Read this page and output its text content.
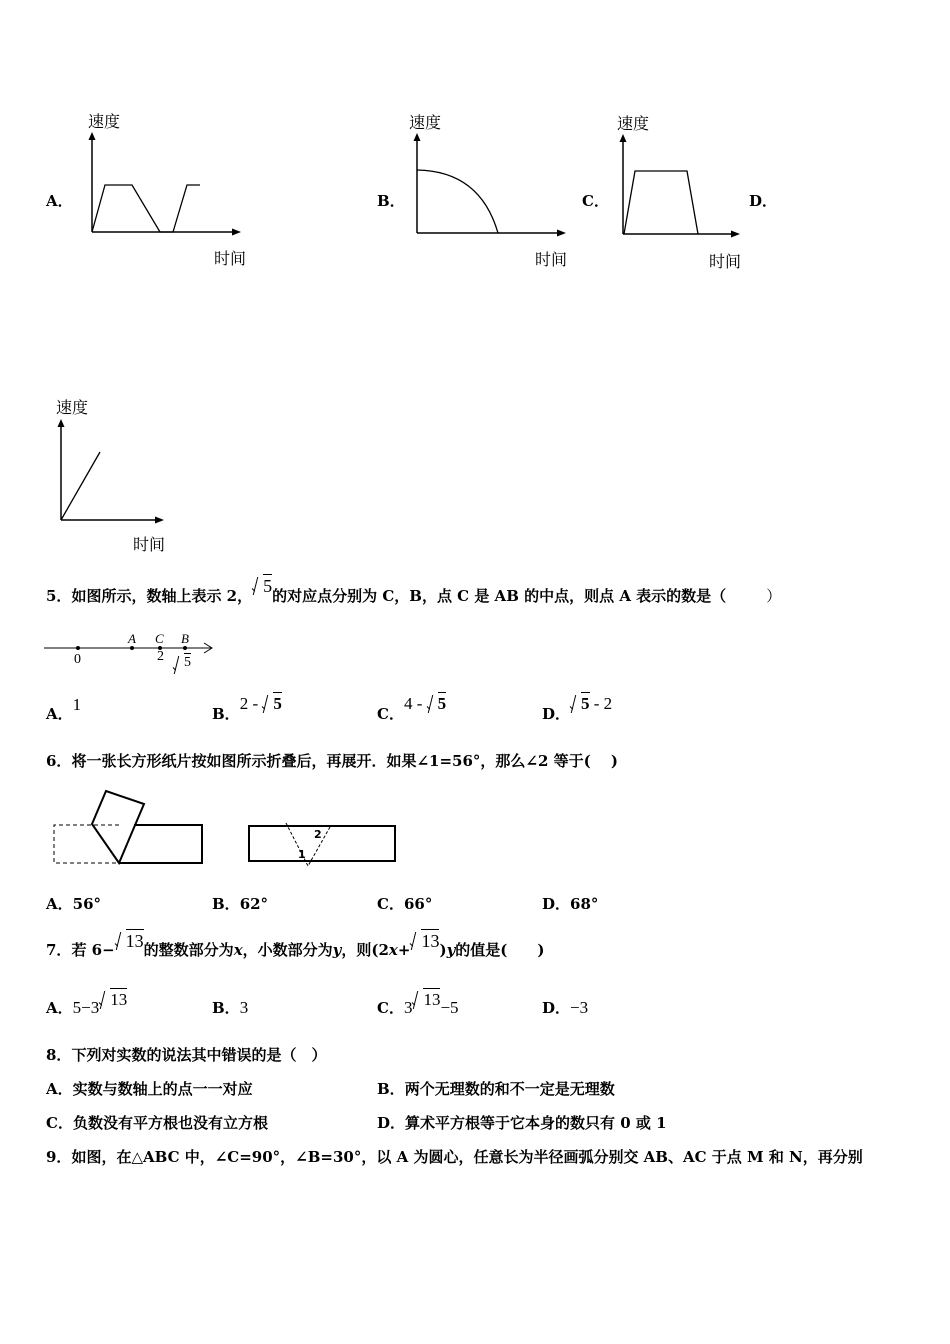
A．
速度
时间
B．
速度
时间
C．
速度
时间
D．
速度
时间
5．如图所示，数轴上表示 2， 5的对应点分别为 C，B，点 C 是 AB 的中点，则点 A 表示的数是（	）
0
A C B
2 5
A．1	B．2 - 5
C．4 - 5
D．5 - 2
6．将一张长方形纸片按如图所示折叠后，再展开．如果∠1=56°，那么∠2 等于(　 )
2
1
A．56°	B．62°	C．66°	D．68°
7．若 6− 13的整数部分为x，小数部分为y，则(2x+ 13)y的值是(　　)
A．5−3 13	B．3	C．3 13−5	D．−3
8．下列对实数的说法其中错误的是（　）
A．实数与数轴上的点一一对应	B．两个无理数的和不一定是无理数
C．负数没有平方根也没有立方根	D．算术平方根等于它本身的数只有 0 或 1
9．如图，在△ABC 中，∠C=90°，∠B=30°，以 A 为圆心，任意长为半径画弧分别交 AB、AC 于点 M 和 N，再分别
